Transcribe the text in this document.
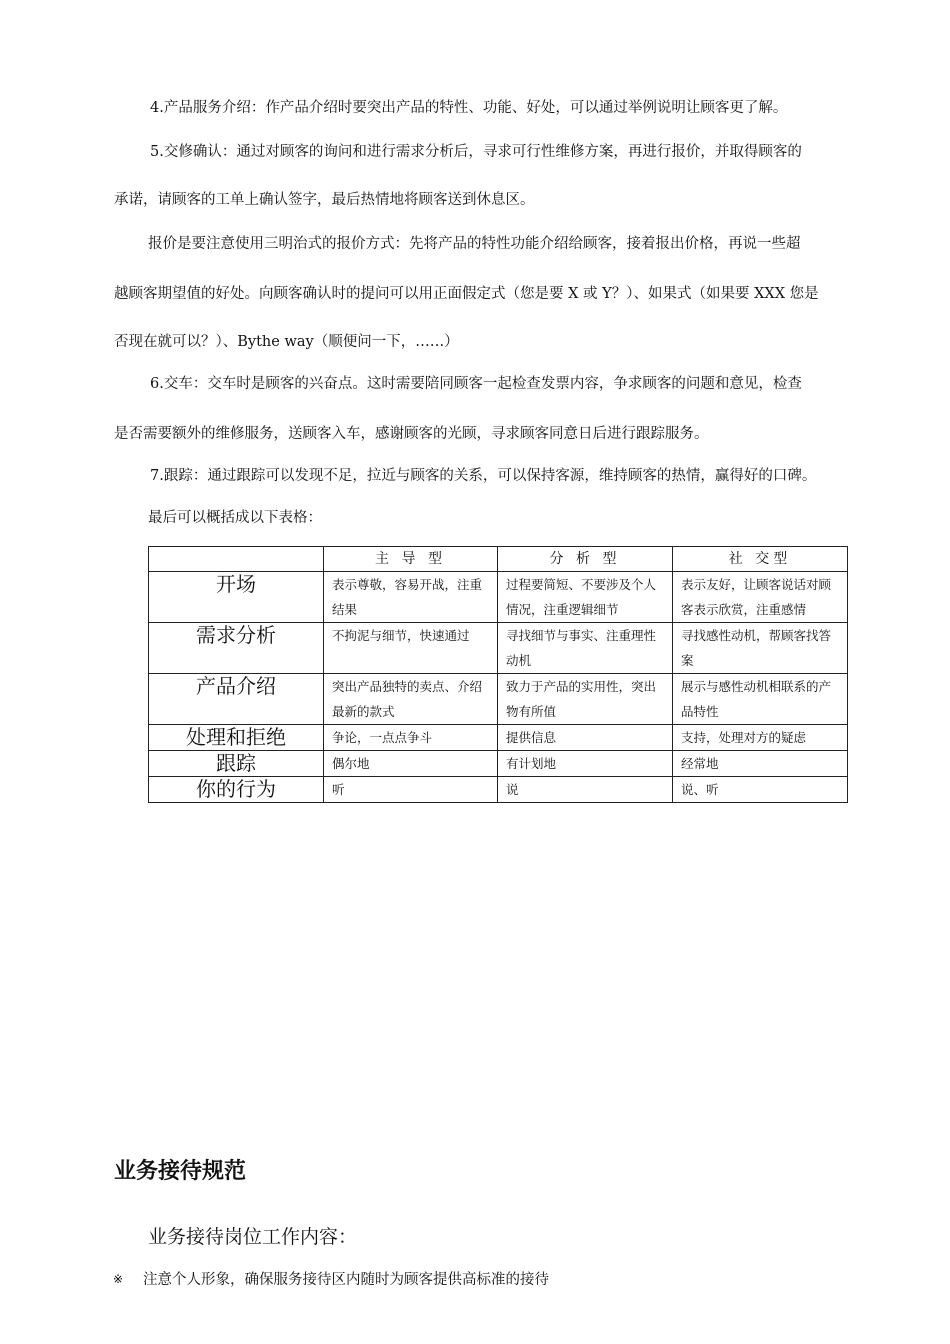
4.产品服务介绍：作产品介绍时要突出产品的特性、功能、好处，可以通过举例说明让顾客更了解。
5.交修确认：通过对顾客的询问和进行需求分析后，寻求可行性维修方案，再进行报价，并取得顾客的
承诺，请顾客的工单上确认签字，最后热情地将顾客送到休息区。
报价是要注意使用三明治式的报价方式：先将产品的特性功能介绍给顾客，接着报出价格，再说一些超
越顾客期望值的好处。向顾客确认时的提问可以用正面假定式（您是要 X 或 Y？）、如果式（如果要 XXX 您是
否现在就可以？）、Bythe way（顺便问一下，……）
6.交车：交车时是顾客的兴奋点。这时需要陪同顾客一起检查发票内容，争求顾客的问题和意见，检查
是否需要额外的维修服务，送顾客入车，感谢顾客的光顾，寻求顾客同意日后进行跟踪服务。
7.跟踪：通过跟踪可以发现不足，拉近与顾客的关系，可以保持客源，维持顾客的热情，赢得好的口碑。
最后可以概括成以下表格：
	主 导 型	分 析 型	社 交型
开场	表示尊敬，容易开战，注重结果	过程要简短、不要涉及个人情况，注重逻辑细节	表示友好，让顾客说话对顾客表示欣赏，注重感情
需求分析	不拘泥与细节，快速通过	寻找细节与事实、注重理性动机	寻找感性动机，帮顾客找答案
产品介绍	突出产品独特的卖点、介绍最新的款式	致力于产品的实用性，突出物有所值	展示与感性动机相联系的产品特性
处理和拒绝	争论，一点点争斗	提供信息	支持，处理对方的疑虑
跟踪	偶尔地	有计划地	经常地
你的行为	听	说	说、听
业务接待规范
业务接待岗位工作内容：
※ 注意个人形象，确保服务接待区内随时为顾客提供高标准的接待
